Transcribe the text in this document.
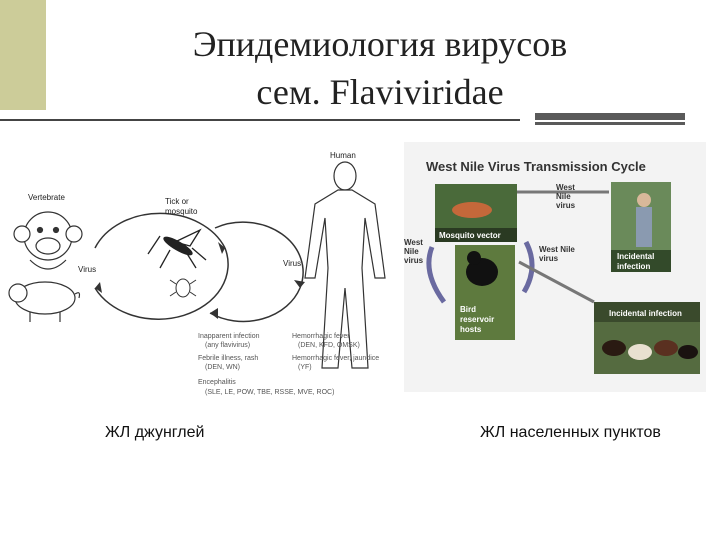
Эпидемиология вирусов
сем. Flaviviridae
Human
Vertebrate	Tick or
mosquito
Virus
Virus
Inapparent infection
(any flavivirus)
Febrile illness, rash
(DEN, WN)
Encephalitis
(SLE, LE, POW, TBE, RSSE, MVE, ROC)
Hemorrhagic fever
(DEN, KFD, OMSK)
Hemorrhagic fever, jaundice
(YF)
West Nile Virus Transmission Cycle
Mosquito vector
Bird
reservoir
hosts
Incidental
infection
Incidental infection
West
Nile
virus
West
Nile
virus
West Nile
virus
ЖЛ джунглей	ЖЛ населенных пунктов
